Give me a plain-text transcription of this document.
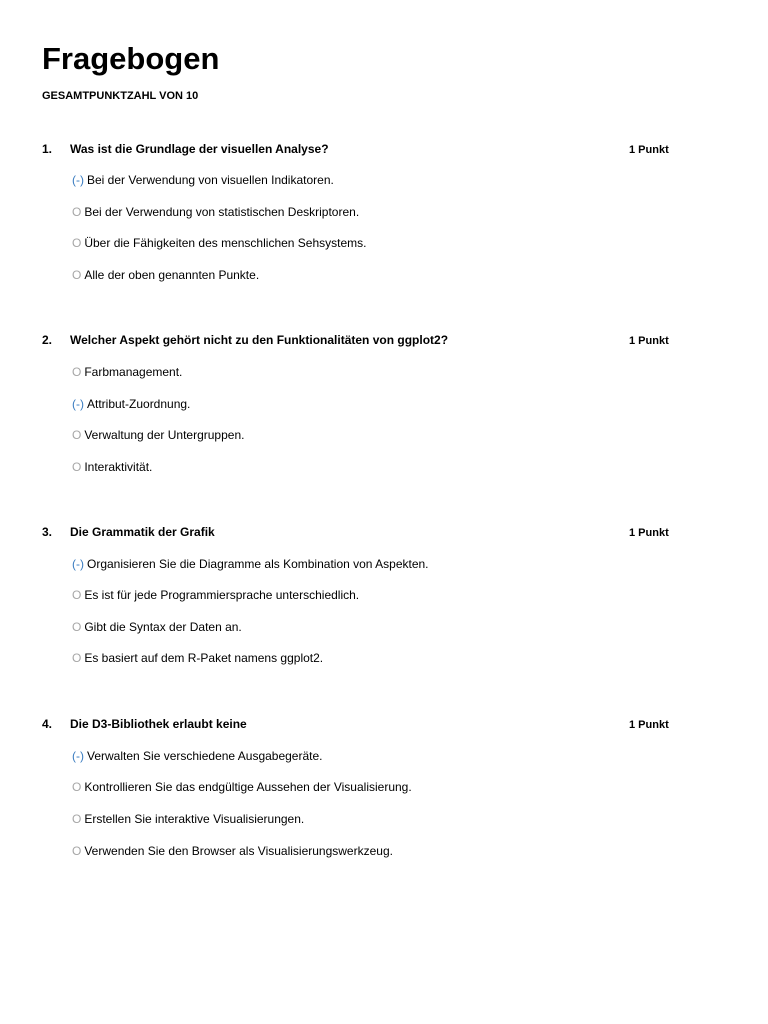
Fragebogen
GESAMTPUNKTZAHL VON 10
1. Was ist die Grundlage der visuellen Analyse?	1 Punkt
(-) Bei der Verwendung von visuellen Indikatoren.
O Bei der Verwendung von statistischen Deskriptoren.
O Über die Fähigkeiten des menschlichen Sehsystems.
O Alle der oben genannten Punkte.
2. Welcher Aspekt gehört nicht zu den Funktionalitäten von ggplot2?	1 Punkt
O Farbmanagement.
(-) Attribut-Zuordnung.
O Verwaltung der Untergruppen.
O Interaktivität.
3. Die Grammatik der Grafik	1 Punkt
(-) Organisieren Sie die Diagramme als Kombination von Aspekten.
O Es ist für jede Programmiersprache unterschiedlich.
O Gibt die Syntax der Daten an.
O Es basiert auf dem R-Paket namens ggplot2.
4. Die D3-Bibliothek erlaubt keine	1 Punkt
(-) Verwalten Sie verschiedene Ausgabegeräte.
O Kontrollieren Sie das endgültige Aussehen der Visualisierung.
O Erstellen Sie interaktive Visualisierungen.
O Verwenden Sie den Browser als Visualisierungswerkzeug.
